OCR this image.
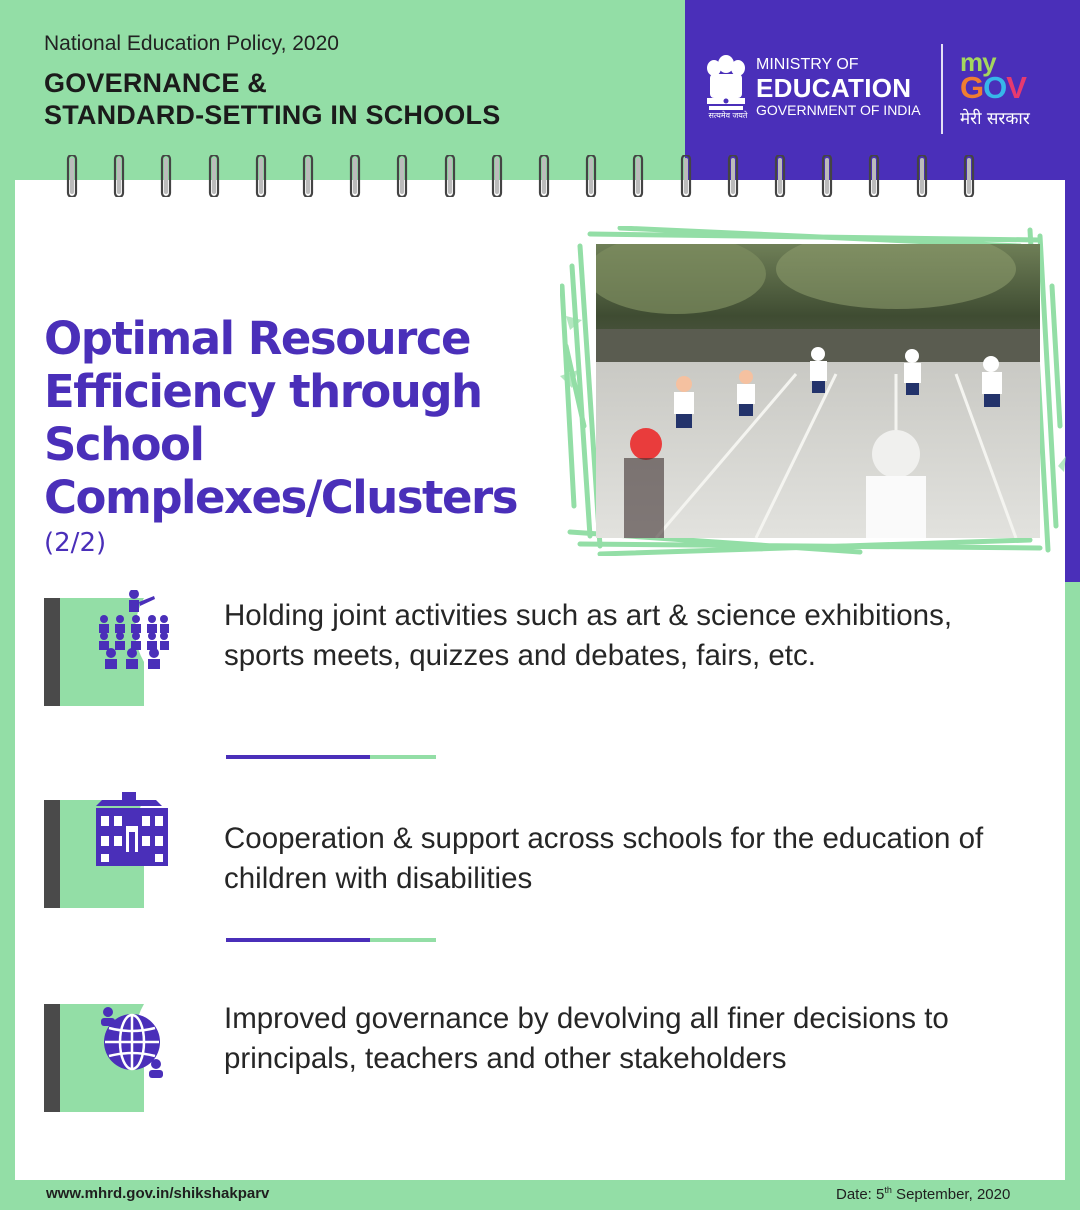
National Education Policy, 2020
GOVERNANCE &
STANDARD-SETTING IN SCHOOLS	सत्यमेव जयते
MINISTRY OF
EDUCATION
GOVERNMENT OF INDIA
my
GOV
मेरी सरकार
Optimal Resource
Efficiency through School
Complexes/Clusters
(2/2)
Holding joint activities such as art & science exhibitions, sports meets, quizzes and debates, fairs, etc.
Cooperation & support across schools for the education of children with disabilities
Improved governance by devolving all finer decisions to principals, teachers and other stakeholders
www.mhrd.gov.in/shikshakparv	Date: 5th September, 2020
